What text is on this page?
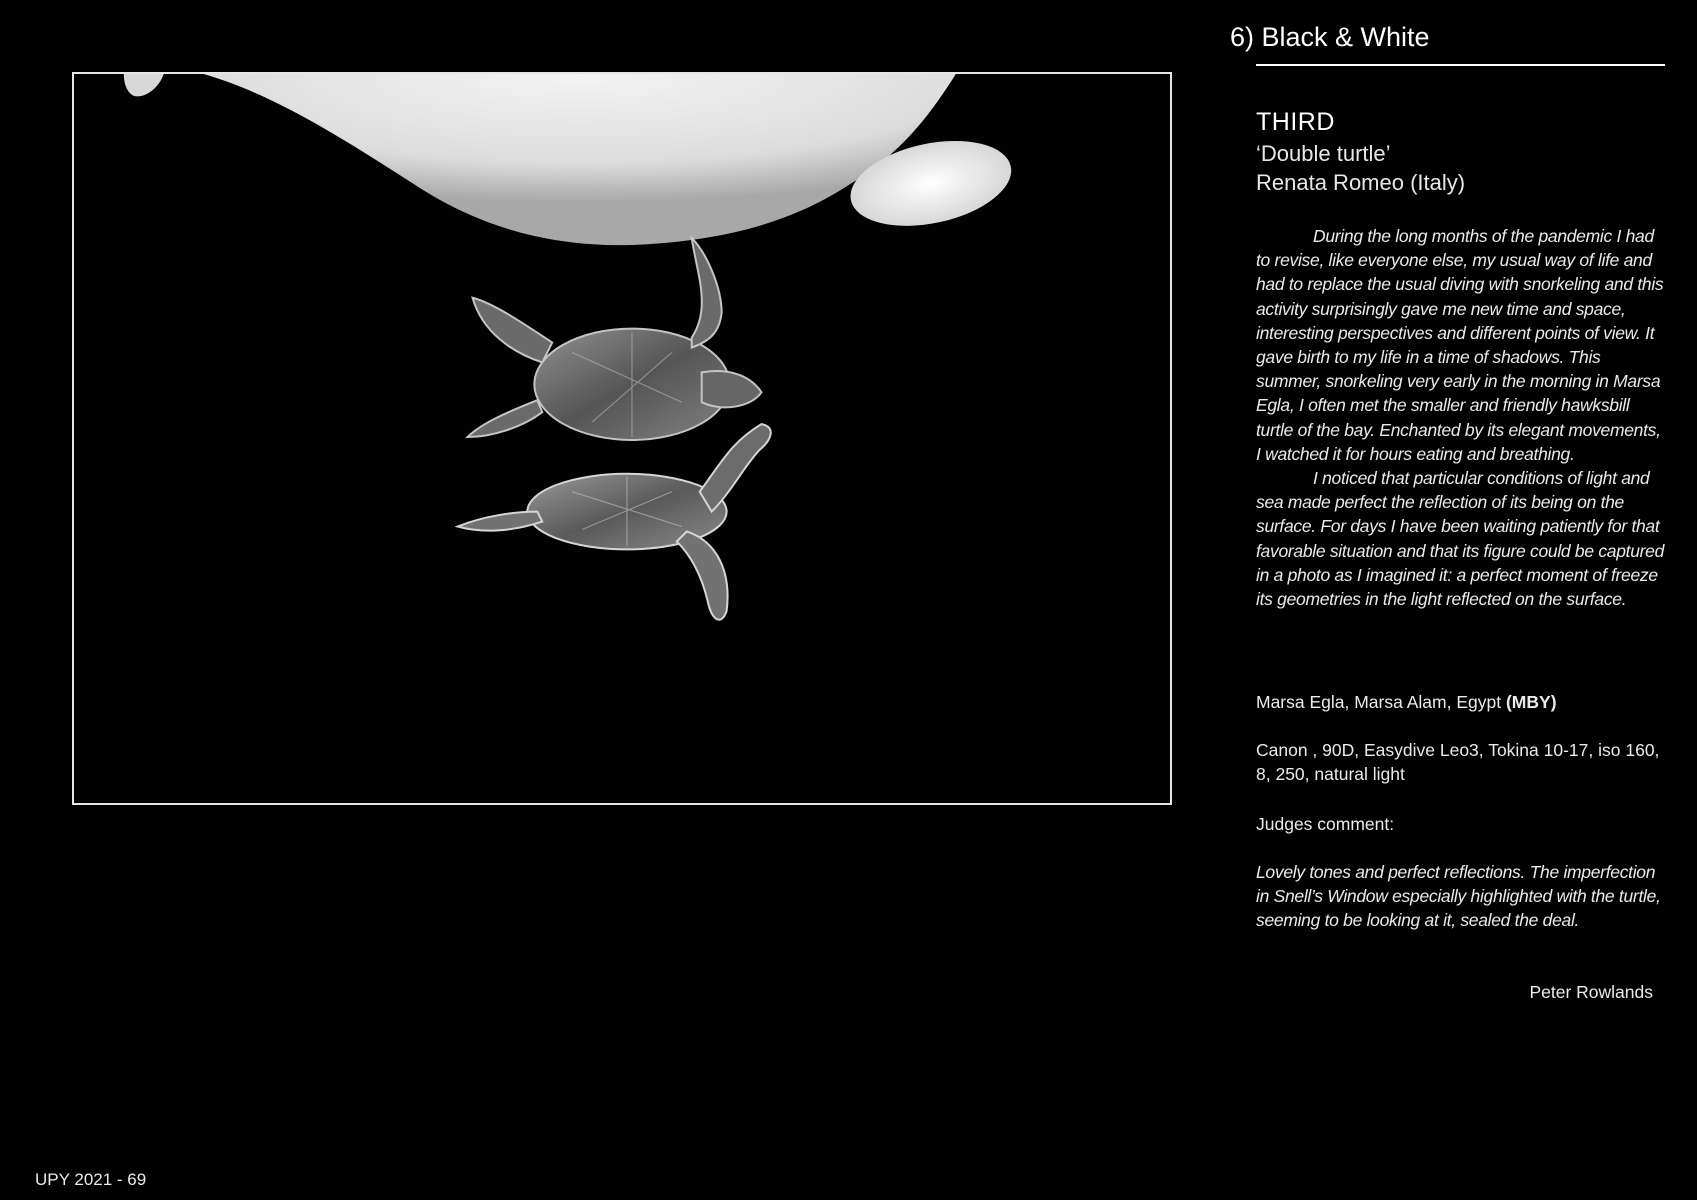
6) Black & White
THIRD
‘Double turtle’
Renata Romeo (Italy)

During the long months of the pandemic I had to revise, like everyone else, my usual way of life and had to replace the usual diving with snorkeling and this activity surprisingly gave me new time and space, interesting perspectives and different points of view. It gave birth to my life in a time of shadows. This summer, snorkeling very early in the morning in Marsa Egla, I often met the smaller and friendly hawksbill turtle of the bay. Enchanted by its elegant movements, I watched it for hours eating and breathing.

I noticed that particular conditions of light and sea made perfect the reflection of its being on the surface. For days I have been waiting patiently for that favorable situation and that its figure could be captured in a photo as I imagined it: a perfect moment of freeze its geometries in the light reflected on the surface.

Marsa Egla, Marsa Alam, Egypt (MBY)
Canon , 90D, Easydive Leo3, Tokina 10-17, iso 160, 8, 250, natural light
Judges comment:
Lovely tones and perfect reflections. The imperfection in Snell’s Window especially highlighted with the turtle, seeming to be looking at it, sealed the deal.
Peter Rowlands
UPY 2021 - 69
